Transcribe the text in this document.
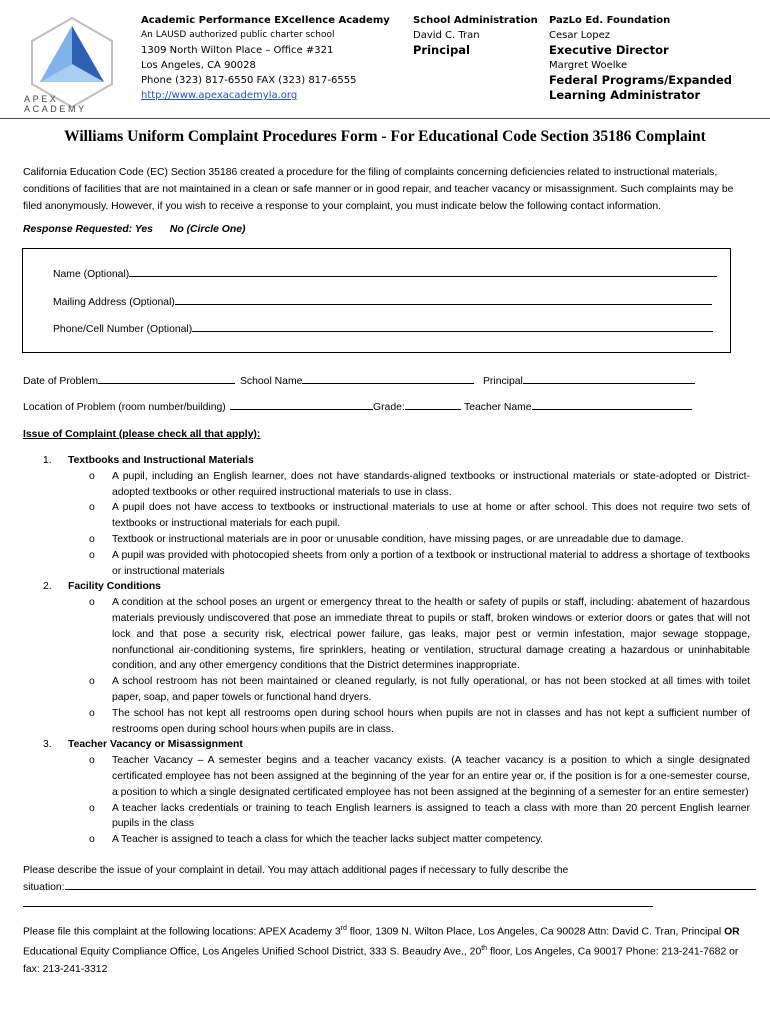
APEX ACADEMY
Academic Performance EXcellence Academy
An LAUSD authorized public charter school
1309 North Wilton Place – Office #321
Los Angeles, CA 90028
Phone (323) 817-6550 FAX (323) 817-6555
http://www.apexacademyla.org
School Administration
David C. Tran
Principal
PazLo Ed. Foundation
Cesar Lopez
Executive Director
Margret Woelke
Federal Programs/Expanded Learning Administrator
Williams Uniform Complaint Procedures Form - For Educational Code Section 35186 Complaint
California Education Code (EC) Section 35186 created a procedure for the filing of complaints concerning deficiencies related to instructional materials, conditions of facilities that are not maintained in a clean or safe manner or in good repair, and teacher vacancy or misassignment. Such complaints may be filed anonymously. However, if you wish to receive a response to your complaint, you must indicate below the following contact information.
Response Requested: Yes No (Circle One)
Name (Optional)
Mailing Address (Optional)
Phone/Cell Number (Optional)
Date of Problem	School Name	Principal
Location of Problem (room number/building)	Grade:	Teacher Name
Issue of Complaint (please check all that apply):
1.	Textbooks and Instructional Materials
o A pupil, including an English learner, does not have standards-aligned textbooks or instructional materials or state-adopted or District-adopted textbooks or other required instructional materials to use in class.
o A pupil does not have access to textbooks or instructional materials to use at home or after school. This does not require two sets of textbooks or instructional materials for each pupil.
o Textbook or instructional materials are in poor or unusable condition, have missing pages, or are unreadable due to damage.
o A pupil was provided with photocopied sheets from only a portion of a textbook or instructional material to address a shortage of textbooks or instructional materials
2.	Facility Conditions
o A condition at the school poses an urgent or emergency threat to the health or safety of pupils or staff, including: abatement of hazardous materials previously undiscovered that pose an immediate threat to pupils or staff, broken windows or exterior doors or gates that will not lock and that pose a security risk, electrical power failure, gas leaks, major pest or vermin infestation, major sewage stoppage, nonfunctional air-conditioning systems, fire sprinklers, heating or ventilation, structural damage creating a hazardous or uninhabitable condition, and any other emergency conditions that the District determines inappropriate.
o A school restroom has not been maintained or cleaned regularly, is not fully operational, or has not been stocked at all times with toilet paper, soap, and paper towels or functional hand dryers.
o The school has not kept all restrooms open during school hours when pupils are not in classes and has not kept a sufficient number of restrooms open during school hours when pupils are in class.
3.	Teacher Vacancy or Misassignment
o Teacher Vacancy – A semester begins and a teacher vacancy exists. (A teacher vacancy is a position to which a single designated certificated employee has not been assigned at the beginning of the year for an entire year or, if the position is for a one-semester course, a position to which a single designated certificated employee has not been assigned at the beginning of a semester for an entire semester)
o A teacher lacks credentials or training to teach English learners is assigned to teach a class with more than 20 percent English learner pupils in the class
o A Teacher is assigned to teach a class for which the teacher lacks subject matter competency.
Please describe the issue of your complaint in detail. You may attach additional pages if necessary to fully describe the
situation:
Please file this complaint at the following locations: APEX Academy 3rd floor, 1309 N. Wilton Place, Los Angeles, Ca 90028 Attn: David C. Tran, Principal OR Educational Equity Compliance Office, Los Angeles Unified School District, 333 S. Beaudry Ave., 20th floor, Los Angeles, Ca 90017 Phone: 213-241-7682 or fax: 213-241-3312
